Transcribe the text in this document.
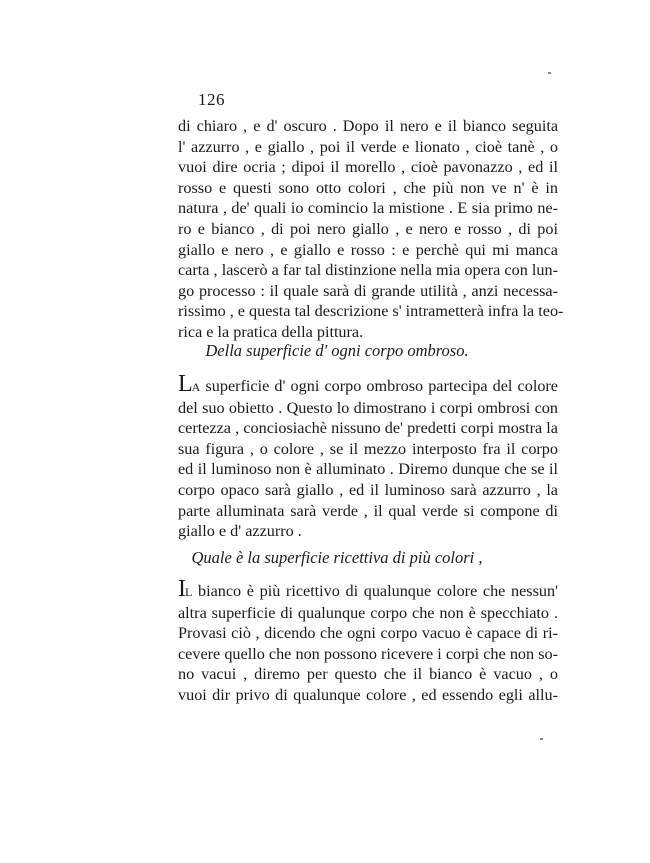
126
di chiaro , e d' oscuro . Dopo il nero e il bianco seguita
l' azzurro , e giallo , poi il verde e lionato , cioè tanè , o
vuoi dire ocria ; dipoi il morello , cioè pavonazzo , ed il
rosso e questi sono otto colori , che più non ve n' è in
natura , de' quali io comincio la mistione . E sia primo ne-
ro e bianco , di poi nero giallo , e nero e rosso , di poi
giallo e nero , e giallo e rosso : e perchè qui mi manca
carta , lascerò a far tal distinzione nella mia opera con lun-
go processo : il quale sarà di grande utilità , anzi necessa-
rissimo , e questa tal descrizione s' intrametterà infra la teo-
rica e la pratica della pittura.
Della superficie d' ogni corpo ombroso.
LA superficie d' ogni corpo ombroso partecipa del colore
del suo obietto . Questo lo dimostrano i corpi ombrosi con
certezza , conciosiachè nissuno de' predetti corpi mostra la
sua figura , o colore , se il mezzo interposto fra il corpo
ed il luminoso non è alluminato . Diremo dunque che se il
corpo opaco sarà giallo , ed il luminoso sarà azzurro , la
parte alluminata sarà verde , il qual verde si compone di
giallo e d' azzurro .
Quale è la superficie ricettiva di più colori ,
IL bianco è più ricettivo di qualunque colore che nessun'
altra superficie di qualunque corpo che non è specchiato .
Provasi ciò , dicendo che ogni corpo vacuo è capace di ri-
cevere quello che non possono ricevere i corpi che non so-
no vacui , diremo per questo che il bianco è vacuo , o
vuoi dir privo di qualunque colore , ed essendo egli allu-
